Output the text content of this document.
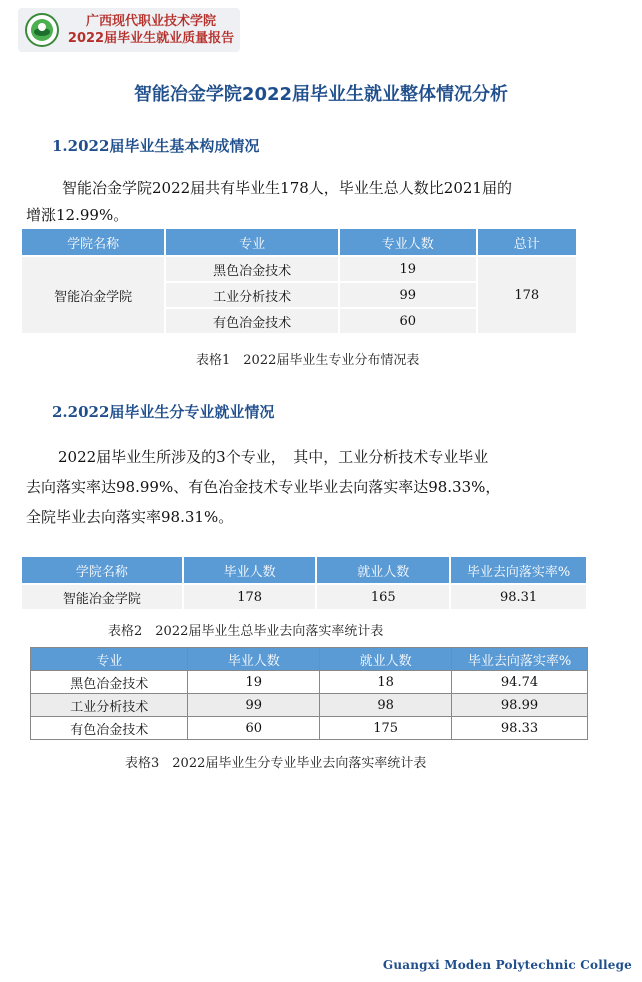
广西现代职业技术学院
2022届毕业生就业质量报告
智能冶金学院2022届毕业生就业整体情况分析
1.2022届毕业生基本构成情况
智能冶金学院2022届共有毕业生178人，毕业生总人数比2021届的
增涨12.99%。
学院名称	专业	专业人数	总计
智能冶金学院	黑色冶金技术	19	178
	工业分析技术	99	
	有色冶金技术	60	
表格1　2022届毕业生专业分布情况表
2.2022届毕业生分专业就业情况
2022届毕业生所涉及的3个专业，　其中，工业分析技术专业毕业
去向落实率达98.99%、有色冶金技术专业毕业去向落实率达98.33%，
全院毕业去向落实率98.31%。
学院名称	毕业人数	就业人数	毕业去向落实率%
智能冶金学院	178	165	98.31
表格2　2022届毕业生总毕业去向落实率统计表
专业	毕业人数	就业人数	毕业去向落实率%
黑色冶金技术	19	18	94.74
工业分析技术	99	98	98.99
有色冶金技术	60	175	98.33
表格3　2022届毕业生分专业毕业去向落实率统计表
Guangxi Moden Polytechnic College
